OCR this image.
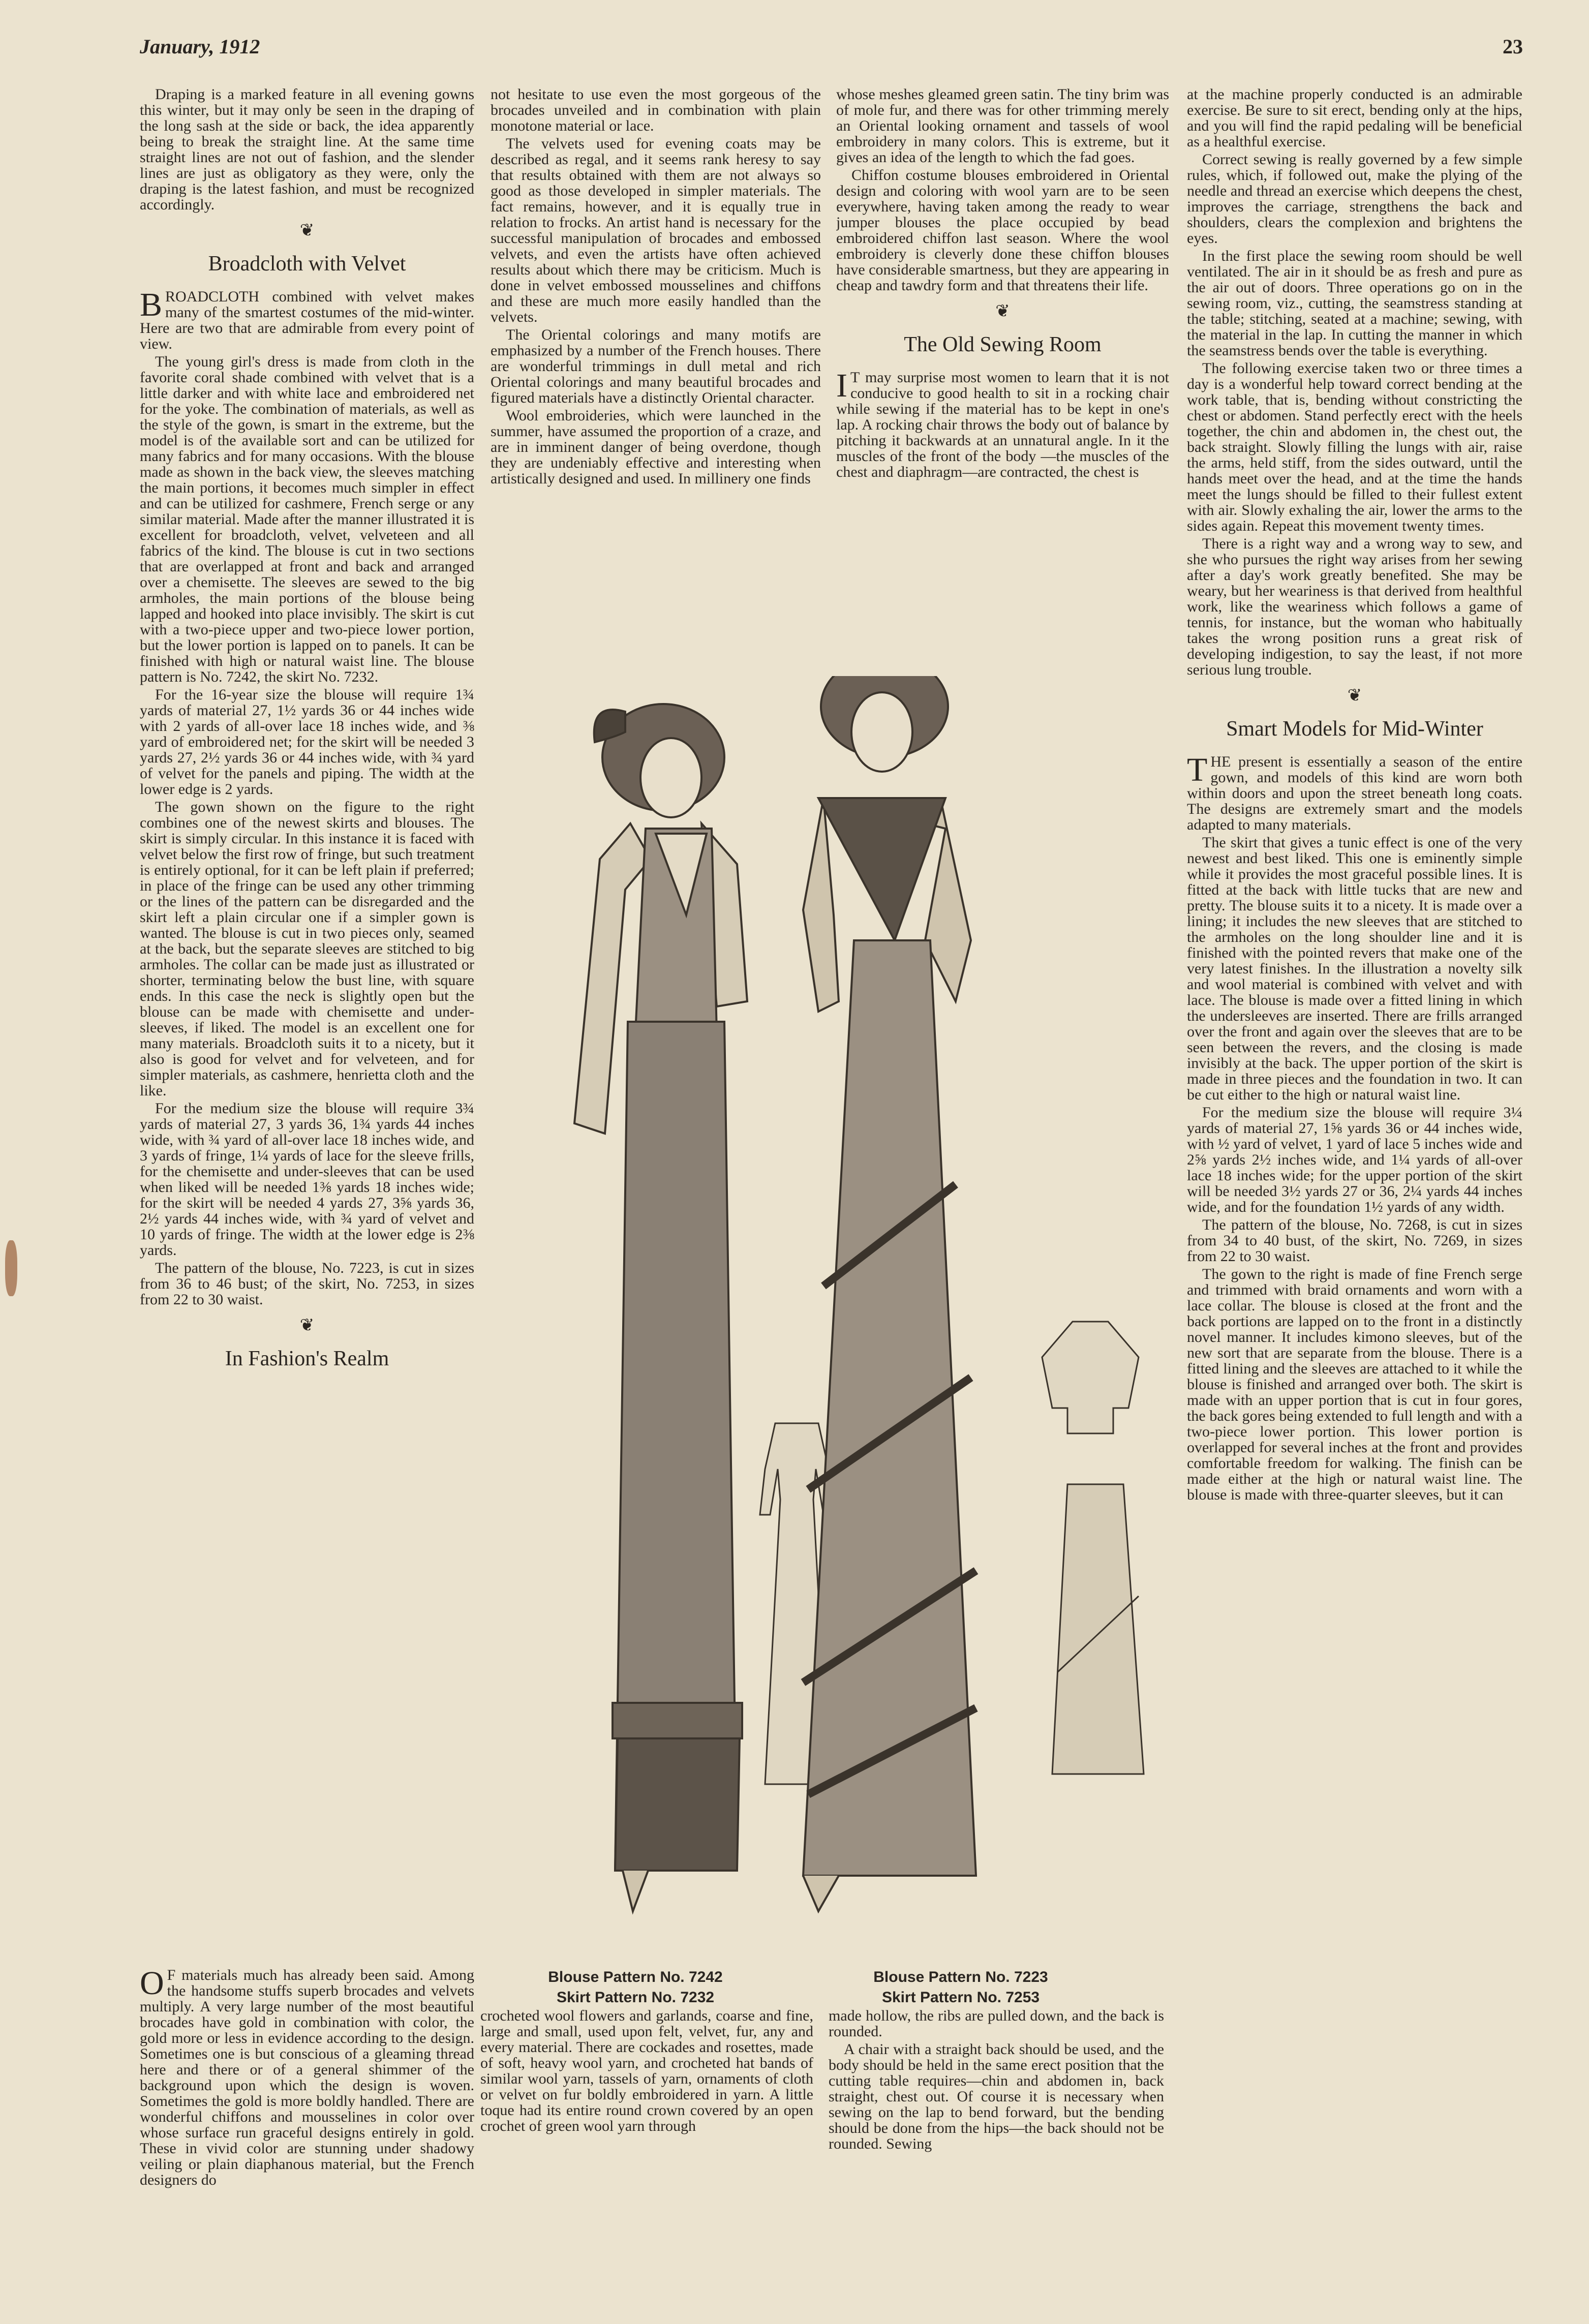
January, 1912	23

Draping is a marked feature in all evening gowns this winter, but it may only be seen in the draping of the long sash at the side or back, the idea apparently being to break the straight line. At the same time straight lines are not out of fashion, and the slender lines are just as obligatory as they were, only the draping is the latest fashion, and must be recognized accordingly.

❦
Broadcloth with Velvet

BROADCLOTH combined with velvet makes many of the smartest costumes of the mid-winter. Here are two that are admirable from every point of view.

The young girl's dress is made from cloth in the favorite coral shade combined with velvet that is a little darker and with white lace and embroidered net for the yoke. The combination of materials, as well as the style of the gown, is smart in the extreme, but the model is of the available sort and can be utilized for many fabrics and for many occasions. With the blouse made as shown in the back view, the sleeves matching the main portions, it becomes much simpler in effect and can be utilized for cashmere, French serge or any similar material. Made after the manner illustrated it is excellent for broadcloth, velvet, velveteen and all fabrics of the kind. The blouse is cut in two sections that are overlapped at front and back and arranged over a chemisette. The sleeves are sewed to the big armholes, the main portions of the blouse being lapped and hooked into place invisibly. The skirt is cut with a two-piece upper and two-piece lower portion, but the lower portion is lapped on to panels. It can be finished with high or natural waist line. The blouse pattern is No. 7242, the skirt No. 7232.

For the 16-year size the blouse will require 1¾ yards of material 27, 1½ yards 36 or 44 inches wide with 2 yards of all-over lace 18 inches wide, and ⅜ yard of embroidered net; for the skirt will be needed 3 yards 27, 2½ yards 36 or 44 inches wide, with ¾ yard of velvet for the panels and piping. The width at the lower edge is 2 yards.

The gown shown on the figure to the right combines one of the newest skirts and blouses. The skirt is simply circular. In this instance it is faced with velvet below the first row of fringe, but such treatment is entirely optional, for it can be left plain if preferred; in place of the fringe can be used any other trimming or the lines of the pattern can be disregarded and the skirt left a plain circular one if a simpler gown is wanted. The blouse is cut in two pieces only, seamed at the back, but the separate sleeves are stitched to big armholes. The collar can be made just as illustrated or shorter, terminating below the bust line, with square ends. In this case the neck is slightly open but the blouse can be made with chemisette and under-sleeves, if liked. The model is an excellent one for many materials. Broadcloth suits it to a nicety, but it also is good for velvet and for velveteen, and for simpler materials, as cashmere, henrietta cloth and the like.

For the medium size the blouse will require 3¾ yards of material 27, 3 yards 36, 1¾ yards 44 inches wide, with ¾ yard of all-over lace 18 inches wide, and 3 yards of fringe, 1¼ yards of lace for the sleeve frills, for the chemisette and under-sleeves that can be used when liked will be needed 1⅜ yards 18 inches wide; for the skirt will be needed 4 yards 27, 3⅝ yards 36, 2½ yards 44 inches wide, with ¾ yard of velvet and 10 yards of fringe. The width at the lower edge is 2⅜ yards.

The pattern of the blouse, No. 7223, is cut in sizes from 36 to 46 bust; of the skirt, No. 7253, in sizes from 22 to 30 waist.

❦
In Fashion's Realm

O F materials much has already been said. Among the handsome stuffs superb brocades and velvets multiply. A very large number of the most beautiful brocades have gold in combination with color, the gold more or less in evidence according to the design. Sometimes one is but conscious of a gleaming thread here and there or of a general shimmer of the background upon which the design is woven. Sometimes the gold is more boldly handled. There are wonderful chiffons and mousselines in color over whose surface run graceful designs entirely in gold. These in vivid color are stunning under shadowy veiling or plain diaphanous material, but the French designers do

not hesitate to use even the most gorgeous of the brocades unveiled and in combination with plain monotone material or lace.

The velvets used for evening coats may be described as regal, and it seems rank heresy to say that results obtained with them are not always so good as those developed in simpler materials. The fact remains, however, and it is equally true in relation to frocks. An artist hand is necessary for the successful manipulation of brocades and embossed velvets, and even the artists have often achieved results about which there may be criticism. Much is done in velvet embossed mousselines and chiffons and these are much more easily handled than the velvets.

The Oriental colorings and many motifs are emphasized by a number of the French houses. There are wonderful trimmings in dull metal and rich Oriental colorings and many beautiful brocades and figured materials have a distinctly Oriental character.

Wool embroideries, which were launched in the summer, have assumed the proportion of a craze, and are in imminent danger of being overdone, though they are undeniably effective and interesting when artistically designed and used. In millinery one finds

whose meshes gleamed green satin. The tiny brim was of mole fur, and there was for other trimming merely an Oriental looking ornament and tassels of wool embroidery in many colors. This is extreme, but it gives an idea of the length to which the fad goes.

Chiffon costume blouses embroidered in Oriental design and coloring with wool yarn are to be seen everywhere, having taken among the ready to wear jumper blouses the place occupied by bead embroidered chiffon last season. Where the wool embroidery is cleverly done these chiffon blouses have considerable smartness, but they are appearing in cheap and tawdry form and that threatens their life.

❦
The Old Sewing Room

I T may surprise most women to learn that it is not conducive to good health to sit in a rocking chair while sewing if the material has to be kept in one's lap. A rocking chair throws the body out of balance by pitching it backwards at an unnatural angle. In it the muscles of the front of the body —the muscles of the chest and diaphragm—are contracted, the chest is

at the machine properly conducted is an admirable exercise. Be sure to sit erect, bending only at the hips, and you will find the rapid pedaling will be beneficial as a healthful exercise.

Correct sewing is really governed by a few simple rules, which, if followed out, make the plying of the needle and thread an exercise which deepens the chest, improves the carriage, strengthens the back and shoulders, clears the complexion and brightens the eyes.

In the first place the sewing room should be well ventilated. The air in it should be as fresh and pure as the air out of doors. Three operations go on in the sewing room, viz., cutting, the seamstress standing at the table; stitching, seated at a machine; sewing, with the material in the lap. In cutting the manner in which the seamstress bends over the table is everything.

The following exercise taken two or three times a day is a wonderful help toward correct bending at the work table, that is, bending without constricting the chest or abdomen. Stand perfectly erect with the heels together, the chin and abdomen in, the chest out, the back straight. Slowly filling the lungs with air, raise the arms, held stiff, from the sides outward, until the hands meet over the head, and at the time the hands meet the lungs should be filled to their fullest extent with air. Slowly exhaling the air, lower the arms to the sides again. Repeat this movement twenty times.

There is a right way and a wrong way to sew, and she who pursues the right way arises from her sewing after a day's work greatly benefited. She may be weary, but her weariness is that derived from healthful work, like the weariness which follows a game of tennis, for instance, but the woman who habitually takes the wrong position runs a great risk of developing indigestion, to say the least, if not more serious lung trouble.

❦
Smart Models for Mid-Winter

THE present is essentially a season of the entire gown, and models of this kind are worn both within doors and upon the street beneath long coats. The designs are extremely smart and the models adapted to many materials.

The skirt that gives a tunic effect is one of the very newest and best liked. This one is eminently simple while it provides the most graceful possible lines. It is fitted at the back with little tucks that are new and pretty. The blouse suits it to a nicety. It is made over a lining; it includes the new sleeves that are stitched to the armholes on the long shoulder line and it is finished with the pointed revers that make one of the very latest finishes. In the illustration a novelty silk and wool material is combined with velvet and with lace. The blouse is made over a fitted lining in which the undersleeves are inserted. There are frills arranged over the front and again over the sleeves that are to be seen between the revers, and the closing is made invisibly at the back. The upper portion of the skirt is made in three pieces and the foundation in two. It can be cut either to the high or natural waist line.

For the medium size the blouse will require 3¼ yards of material 27, 1⅝ yards 36 or 44 inches wide, with ½ yard of velvet, 1 yard of lace 5 inches wide and 2⅝ yards 2½ inches wide, and 1¼ yards of all-over lace 18 inches wide; for the upper portion of the skirt will be needed 3½ yards 27 or 36, 2¼ yards 44 inches wide, and for the foundation 1½ yards of any width.

The pattern of the blouse, No. 7268, is cut in sizes from 34 to 40 bust, of the skirt, No. 7269, in sizes from 22 to 30 waist.

The gown to the right is made of fine French serge and trimmed with braid ornaments and worn with a lace collar. The blouse is closed at the front and the back portions are lapped on to the front in a distinctly novel manner. It includes kimono sleeves, but of the new sort that are separate from the blouse. There is a fitted lining and the sleeves are attached to it while the blouse is finished and arranged over both. The skirt is made with an upper portion that is cut in four gores, the back gores being extended to full length and with a two-piece lower portion. This lower portion is overlapped for several inches at the front and provides comfortable freedom for walking. The finish can be made either at the high or natural waist line. The blouse is made with three-quarter sleeves, but it can

Blouse Pattern No. 7242
Skirt Pattern No. 7232
Blouse Pattern No. 7223
Skirt Pattern No. 7253

crocheted wool flowers and garlands, coarse and fine, large and small, used upon felt, velvet, fur, any and every material. There are cockades and rosettes, made of soft, heavy wool yarn, and crocheted hat bands of similar wool yarn, tassels of yarn, ornaments of cloth or velvet on fur boldly embroidered in yarn. A little toque had its entire round crown covered by an open crochet of green wool yarn through

made hollow, the ribs are pulled down, and the back is rounded.

A chair with a straight back should be used, and the body should be held in the same erect position that the cutting table requires—chin and abdomen in, back straight, chest out. Of course it is necessary when sewing on the lap to bend forward, but the bending should be done from the hips—the back should not be rounded. Sewing
